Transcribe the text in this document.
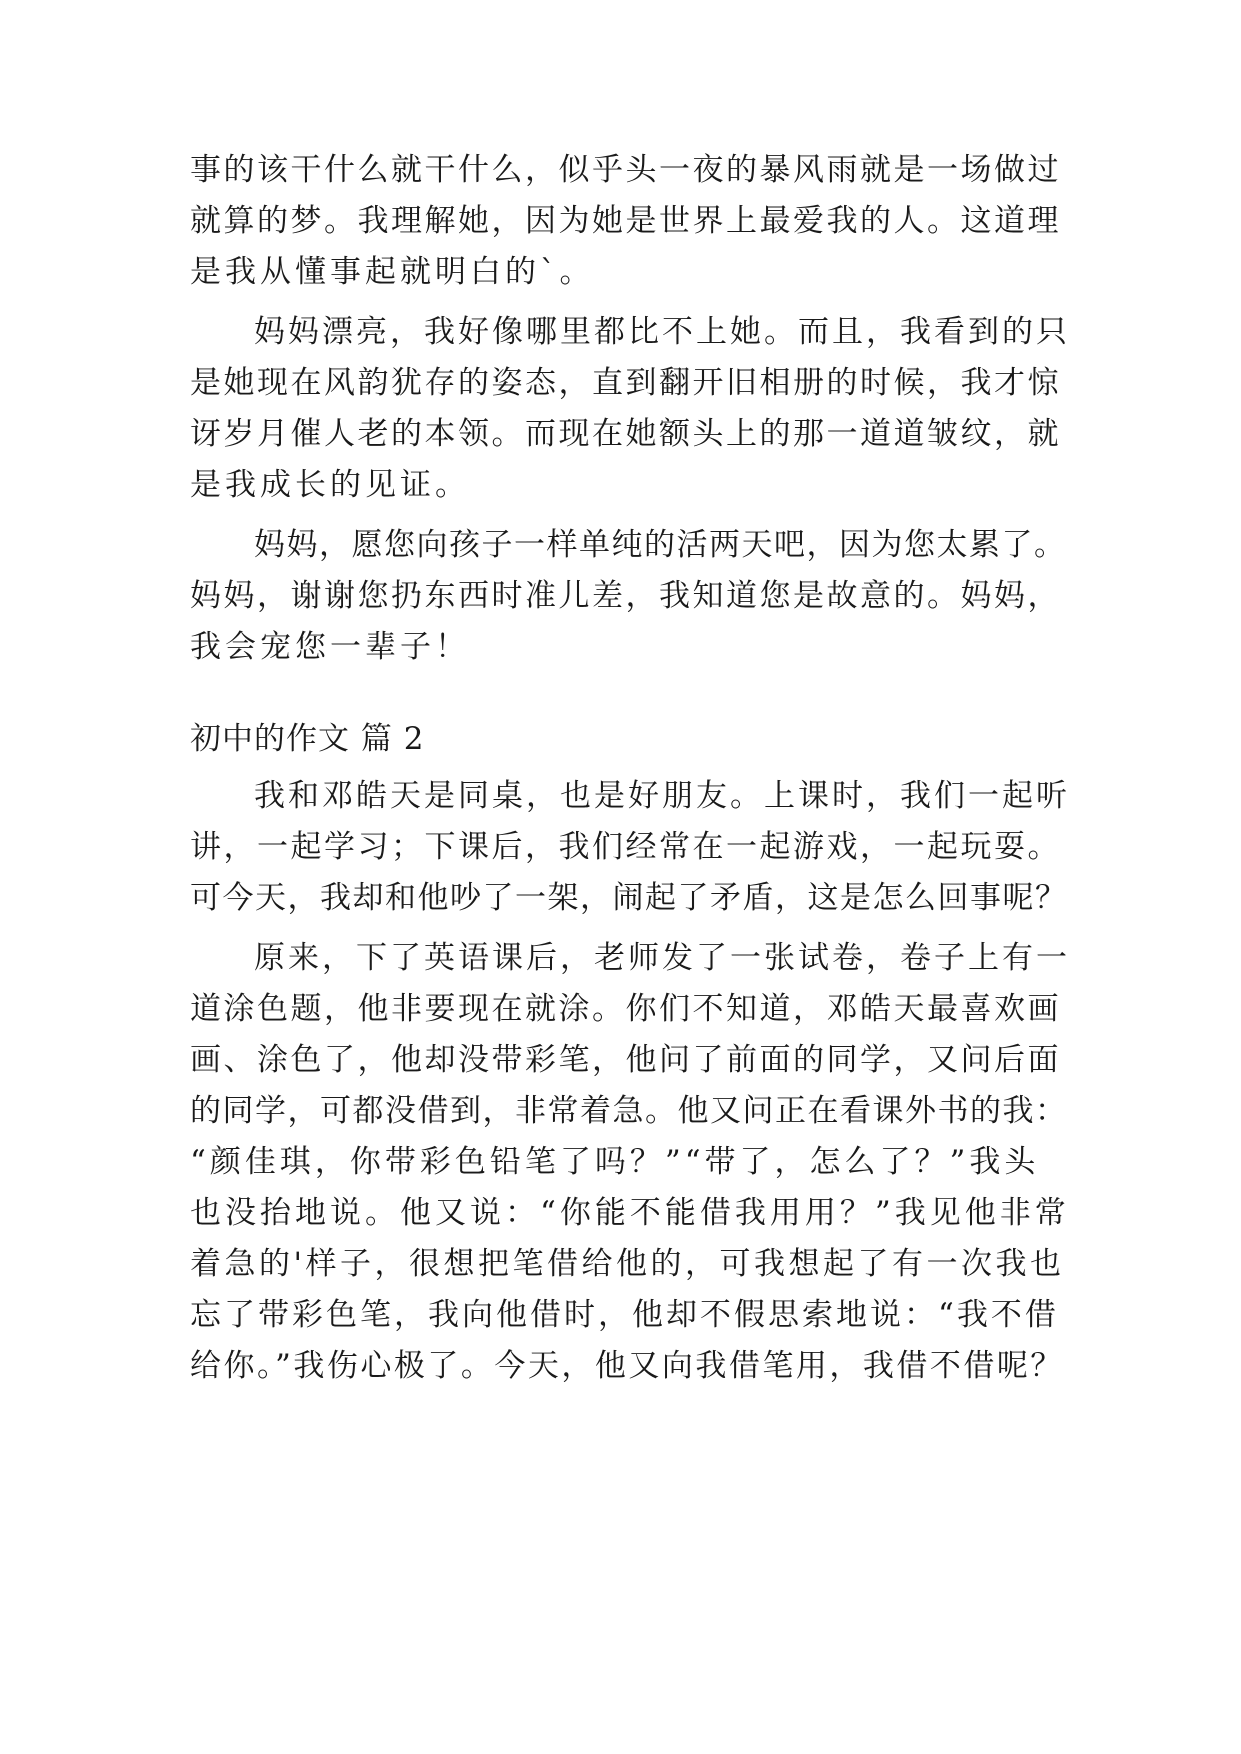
事的该干什么就干什么，似乎头一夜的暴风雨就是一场做过
就算的梦。我理解她，因为她是世界上最爱我的人。这道理
是我从懂事起就明白的`。
妈妈漂亮，我好像哪里都比不上她。而且，我看到的只
是她现在风韵犹存的姿态，直到翻开旧相册的时候，我才惊
讶岁月催人老的本领。而现在她额头上的那一道道皱纹，就
是我成长的见证。
妈妈，愿您向孩子一样单纯的活两天吧，因为您太累了。
妈妈，谢谢您扔东西时准儿差，我知道您是故意的。妈妈，
我会宠您一辈子！
初中的作文 篇 2
我和邓皓天是同桌，也是好朋友。上课时，我们一起听
讲，一起学习；下课后，我们经常在一起游戏，一起玩耍。
可今天，我却和他吵了一架，闹起了矛盾，这是怎么回事呢？
原来，下了英语课后，老师发了一张试卷，卷子上有一
道涂色题，他非要现在就涂。你们不知道，邓皓天最喜欢画
画、涂色了，他却没带彩笔，他问了前面的同学，又问后面
的同学，可都没借到，非常着急。他又问正在看课外书的我：
“颜佳琪，你带彩色铅笔了吗？”“带了，怎么了？”我头
也没抬地说。他又说：“你能不能借我用用？”我见他非常
着急的'样子，很想把笔借给他的，可我想起了有一次我也
忘了带彩色笔，我向他借时，他却不假思索地说：“我不借
给你。”我伤心极了。今天，他又向我借笔用，我借不借呢？
